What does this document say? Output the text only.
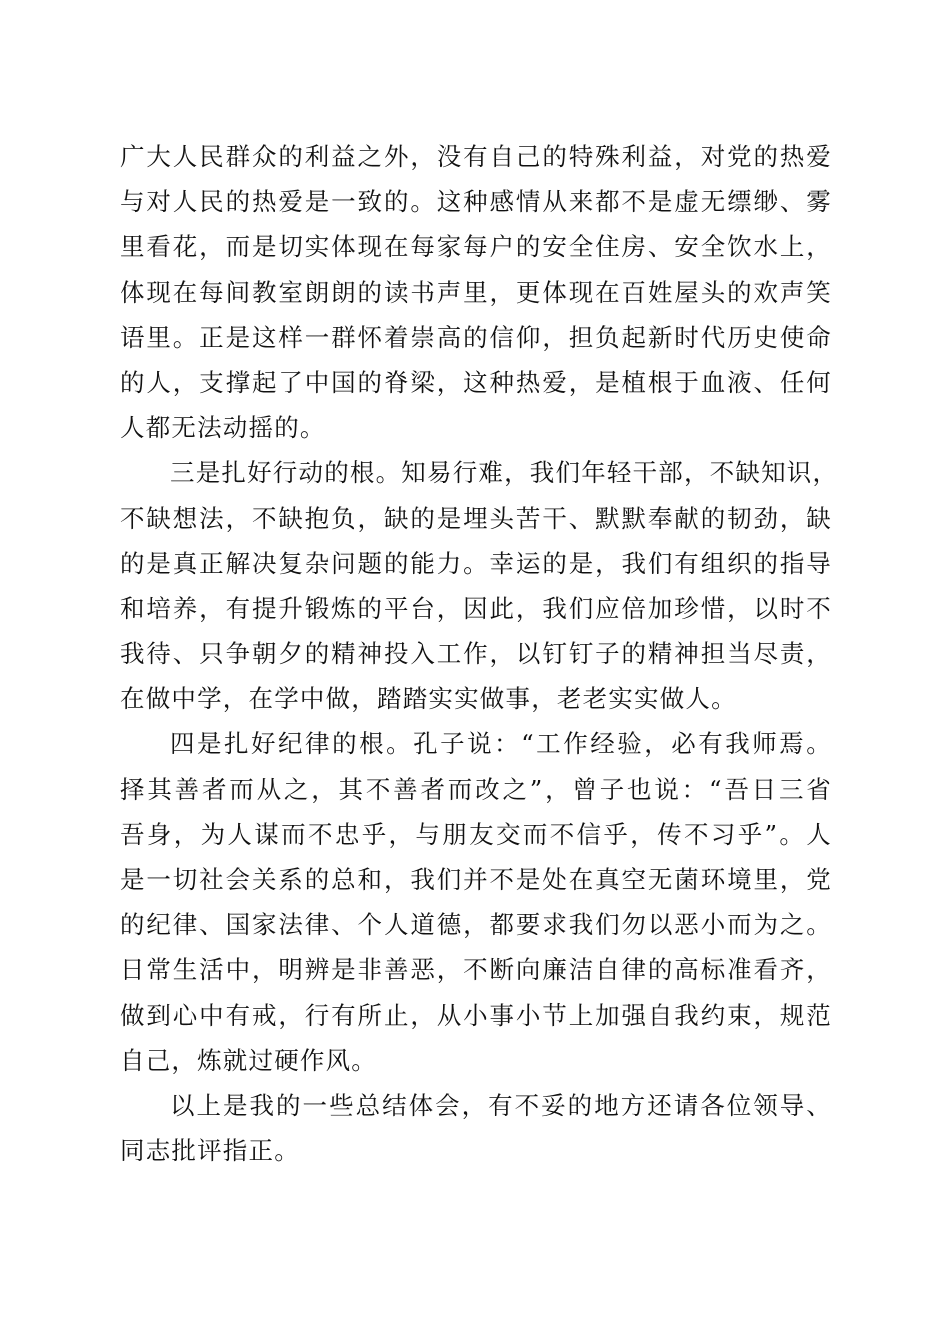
广大人民群众的利益之外，没有自己的特殊利益，对党的热爱
与对人民的热爱是一致的。这种感情从来都不是虚无缥缈、雾
里看花，而是切实体现在每家每户的安全住房、安全饮水上，
体现在每间教室朗朗的读书声里，更体现在百姓屋头的欢声笑
语里。正是这样一群怀着崇高的信仰，担负起新时代历史使命
的人，支撑起了中国的脊梁，这种热爱，是植根于血液、任何
人都无法动摇的。
三是扎好行动的根。知易行难，我们年轻干部，不缺知识，
不缺想法，不缺抱负，缺的是埋头苦干、默默奉献的韧劲，缺
的是真正解决复杂问题的能力。幸运的是，我们有组织的指导
和培养，有提升锻炼的平台，因此，我们应倍加珍惜，以时不
我待、只争朝夕的精神投入工作，以钉钉子的精神担当尽责，
在做中学，在学中做，踏踏实实做事，老老实实做人。
四是扎好纪律的根。孔子说：“工作经验，必有我师焉。
择其善者而从之，其不善者而改之”，曾子也说：“吾日三省
吾身，为人谋而不忠乎，与朋友交而不信乎，传不习乎”。人
是一切社会关系的总和，我们并不是处在真空无菌环境里，党
的纪律、国家法律、个人道德，都要求我们勿以恶小而为之。
日常生活中，明辨是非善恶，不断向廉洁自律的高标准看齐，
做到心中有戒，行有所止，从小事小节上加强自我约束，规范
自己，炼就过硬作风。
以上是我的一些总结体会，有不妥的地方还请各位领导、
同志批评指正。
